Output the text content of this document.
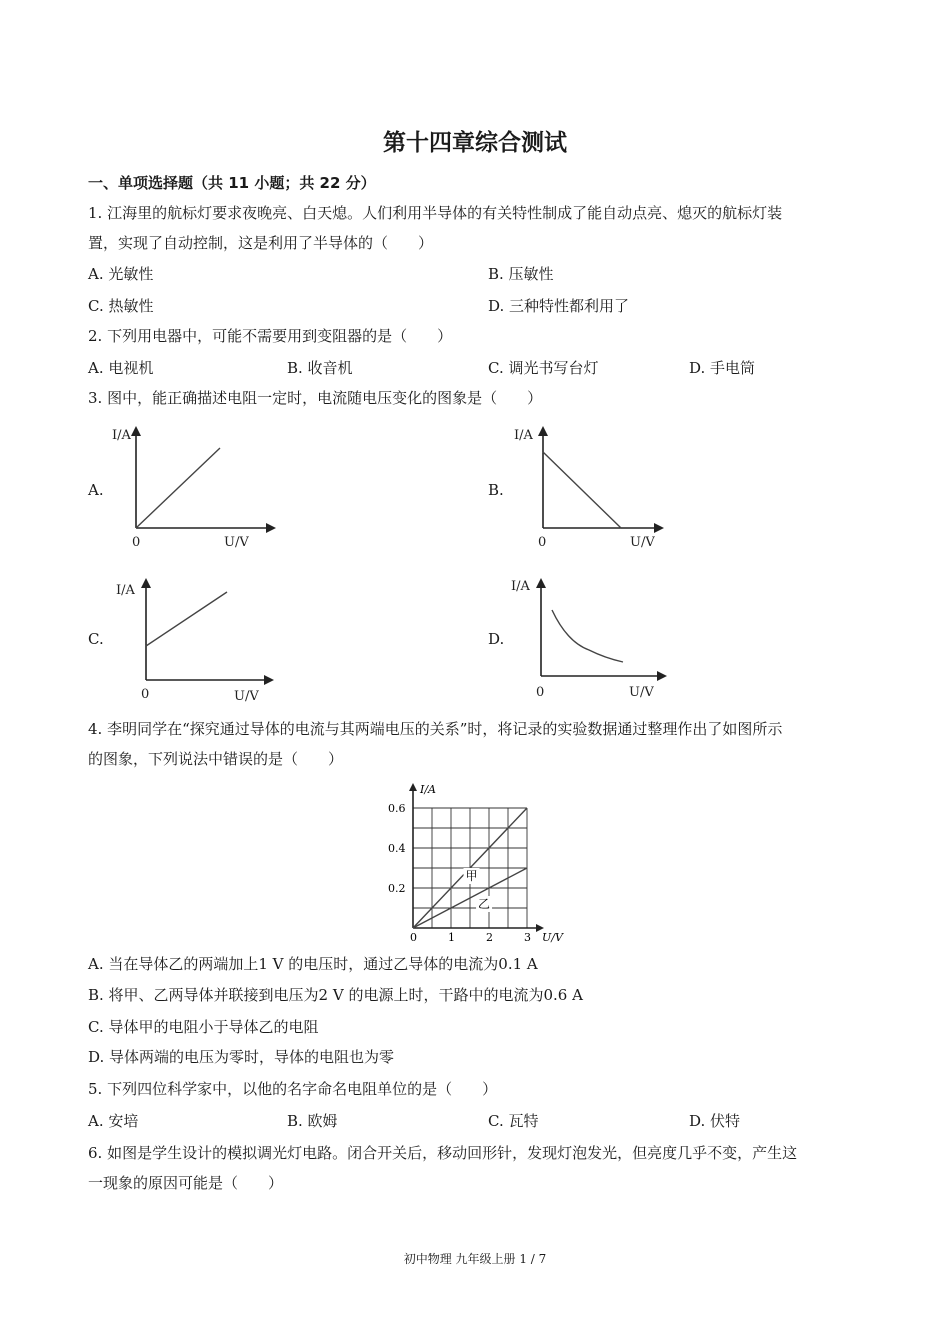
第十四章综合测试
一、单项选择题（共 11 小题；共 22 分）
1. 江海里的航标灯要求夜晚亮、白天熄。人们利用半导体的有关特性制成了能自动点亮、熄灭的航标灯装
置，实现了自动控制，这是利用了半导体的（　　）
A. 光敏性	B. 压敏性
C. 热敏性	D. 三种特性都利用了
2. 下列用电器中，可能不需要用到变阻器的是（　　）
A. 电视机	B. 收音机	C. 调光书写台灯	D. 手电筒
3. 图中，能正确描述电阻一定时，电流随电压变化的图象是（　　）
A.
I/A
0	U/V
B.
I/A
0	U/V
C.
I/A
0	U/V
D.
I/A
0	U/V
4. 李明同学在“探究通过导体的电流与其两端电压的关系”时，将记录的实验数据通过整理作出了如图所示
的图象，下列说法中错误的是（　　）
0	1	2	3
0.2
0.4
0.6
甲
乙
I/A
U/V
A. 当在导体乙的两端加上1 V 的电压时，通过乙导体的电流为0.1 A
B. 将甲、乙两导体并联接到电压为2 V 的电源上时，干路中的电流为0.6 A
C. 导体甲的电阻小于导体乙的电阻
D. 导体两端的电压为零时，导体的电阻也为零
5. 下列四位科学家中，以他的名字命名电阻单位的是（　　）
A. 安培	B. 欧姆	C. 瓦特	D. 伏特
6. 如图是学生设计的模拟调光灯电路。闭合开关后，移动回形针，发现灯泡发光，但亮度几乎不变，产生这
一现象的原因可能是（　　）
初中物理 九年级上册 1 / 7
